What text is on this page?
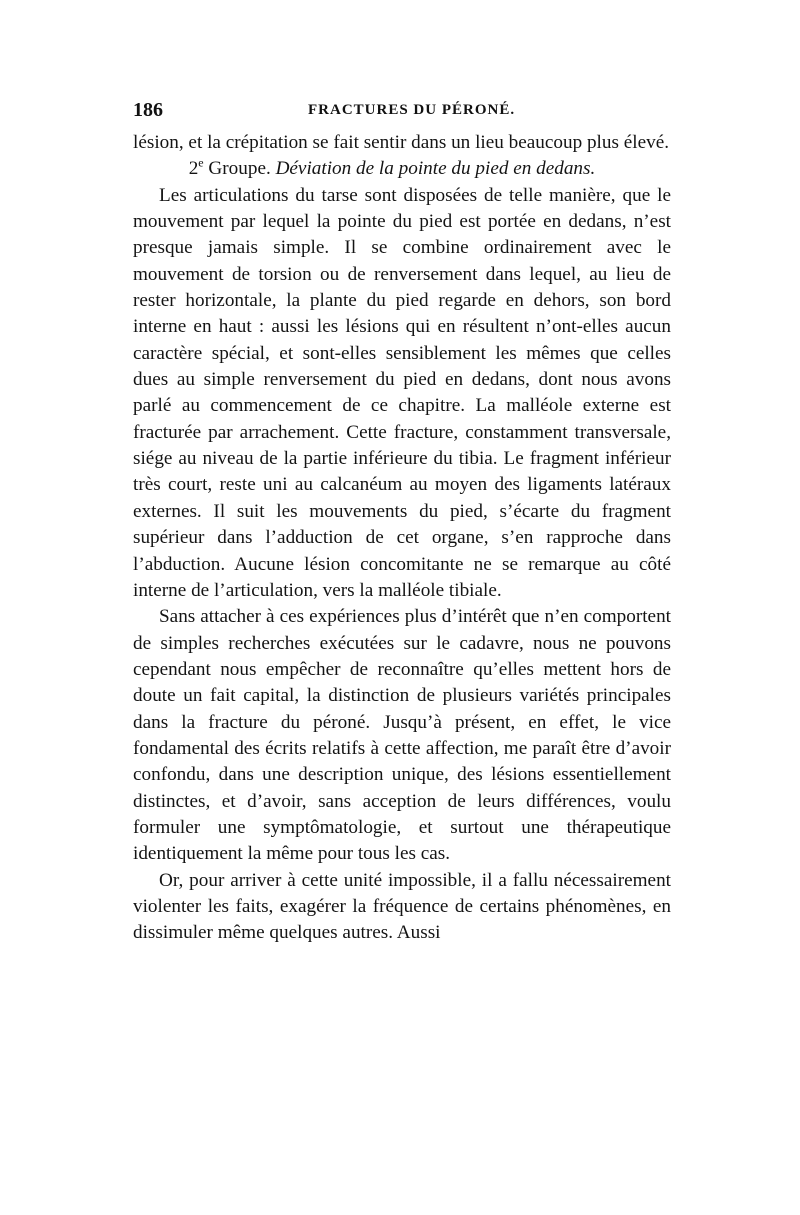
186	FRACTURES DU PÉRONÉ.

lésion, et la crépitation se fait sentir dans un lieu beaucoup plus élevé.

2e Groupe. Déviation de la pointe du pied en dedans.

Les articulations du tarse sont disposées de telle manière, que le mouvement par lequel la pointe du pied est portée en dedans, n’est presque jamais simple. Il se combine ordinairement avec le mouvement de torsion ou de renversement dans lequel, au lieu de rester horizontale, la plante du pied regarde en dehors, son bord interne en haut : aussi les lésions qui en résultent n’ont-elles aucun caractère spécial, et sont-elles sensiblement les mêmes que celles dues au simple renversement du pied en dedans, dont nous avons parlé au commencement de ce chapitre. La malléole externe est fracturée par arrachement. Cette fracture, constamment transversale, siége au niveau de la partie inférieure du tibia. Le fragment inférieur très court, reste uni au calcanéum au moyen des ligaments latéraux externes. Il suit les mouvements du pied, s’écarte du fragment supérieur dans l’adduction de cet organe, s’en rapproche dans l’abduction. Aucune lésion concomitante ne se remarque au côté interne de l’articulation, vers la malléole tibiale.

Sans attacher à ces expériences plus d’intérêt que n’en comportent de simples recherches exécutées sur le cadavre, nous ne pouvons cependant nous empêcher de reconnaître qu’elles mettent hors de doute un fait capital, la distinction de plusieurs variétés principales dans la fracture du péroné. Jusqu’à présent, en effet, le vice fondamental des écrits relatifs à cette affection, me paraît être d’avoir confondu, dans une description unique, des lésions essentiellement distinctes, et d’avoir, sans acception de leurs différences, voulu formuler une symptômatologie, et surtout une thérapeutique identiquement la même pour tous les cas.

Or, pour arriver à cette unité impossible, il a fallu nécessairement violenter les faits, exagérer la fréquence de certains phénomènes, en dissimuler même quelques autres. Aussi
